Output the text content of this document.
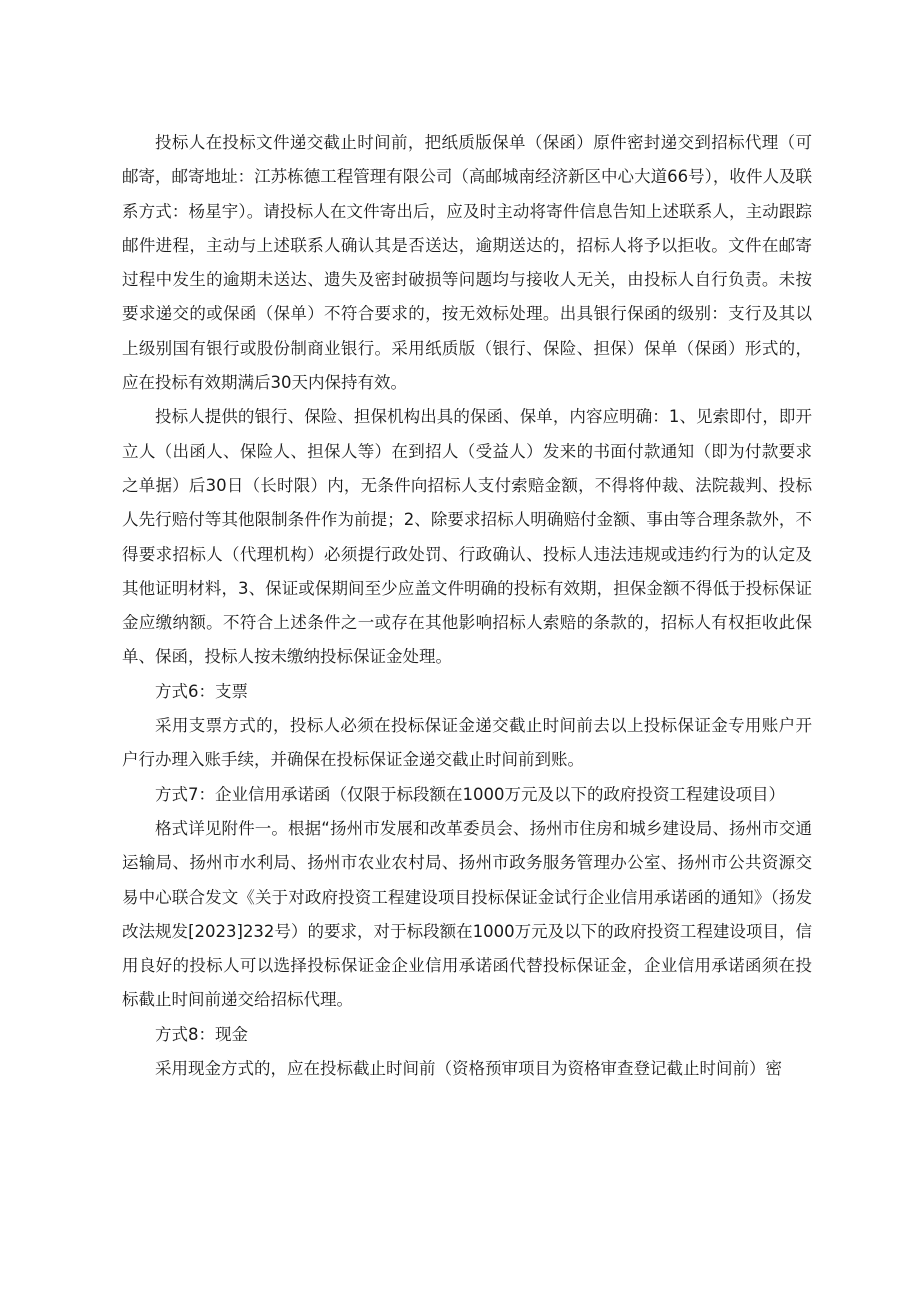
投标人在投标文件递交截止时间前，把纸质版保单（保函）原件密封递交到招标代理（可邮寄，邮寄地址：江苏栋德工程管理有限公司（高邮城南经济新区中心大道66号），收件人及联系方式：杨星宇）。请投标人在文件寄出后，应及时主动将寄件信息告知上述联系人，主动跟踪邮件进程，主动与上述联系人确认其是否送达，逾期送达的，招标人将予以拒收。文件在邮寄过程中发生的逾期未送达、遗失及密封破损等问题均与接收人无关，由投标人自行负责。未按要求递交的或保函（保单）不符合要求的，按无效标处理。出具银行保函的级别：支行及其以上级别国有银行或股份制商业银行。采用纸质版（银行、保险、担保）保单（保函）形式的，应在投标有效期满后30天内保持有效。

投标人提供的银行、保险、担保机构出具的保函、保单，内容应明确：1、见索即付，即开立人（出函人、保险人、担保人等）在到招人（受益人）发来的书面付款通知（即为付款要求之单据）后30日（长时限）内，无条件向招标人支付索赔金额，不得将仲裁、法院裁判、投标人先行赔付等其他限制条件作为前提；2、除要求招标人明确赔付金额、事由等合理条款外，不得要求招标人（代理机构）必须提行政处罚、行政确认、投标人违法违规或违约行为的认定及其他证明材料，3、保证或保期间至少应盖文件明确的投标有效期，担保金额不得低于投标保证金应缴纳额。不符合上述条件之一或存在其他影响招标人索赔的条款的，招标人有权拒收此保单、保函，投标人按未缴纳投标保证金处理。

方式6：支票

采用支票方式的，投标人必须在投标保证金递交截止时间前去以上投标保证金专用账户开户行办理入账手续，并确保在投标保证金递交截止时间前到账。

方式7：企业信用承诺函（仅限于标段额在1000万元及以下的政府投资工程建设项目）

格式详见附件一。根据“扬州市发展和改革委员会、扬州市住房和城乡建设局、扬州市交通运输局、扬州市水利局、扬州市农业农村局、扬州市政务服务管理办公室、扬州市公共资源交易中心联合发文《关于对政府投资工程建设项目投标保证金试行企业信用承诺函的通知》（扬发改法规发[2023]232号）的要求，对于标段额在1000万元及以下的政府投资工程建设项目，信用良好的投标人可以选择投标保证金企业信用承诺函代替投标保证金，企业信用承诺函须在投标截止时间前递交给招标代理。

方式8：现金

采用现金方式的，应在投标截止时间前（资格预审项目为资格审查登记截止时间前）密
